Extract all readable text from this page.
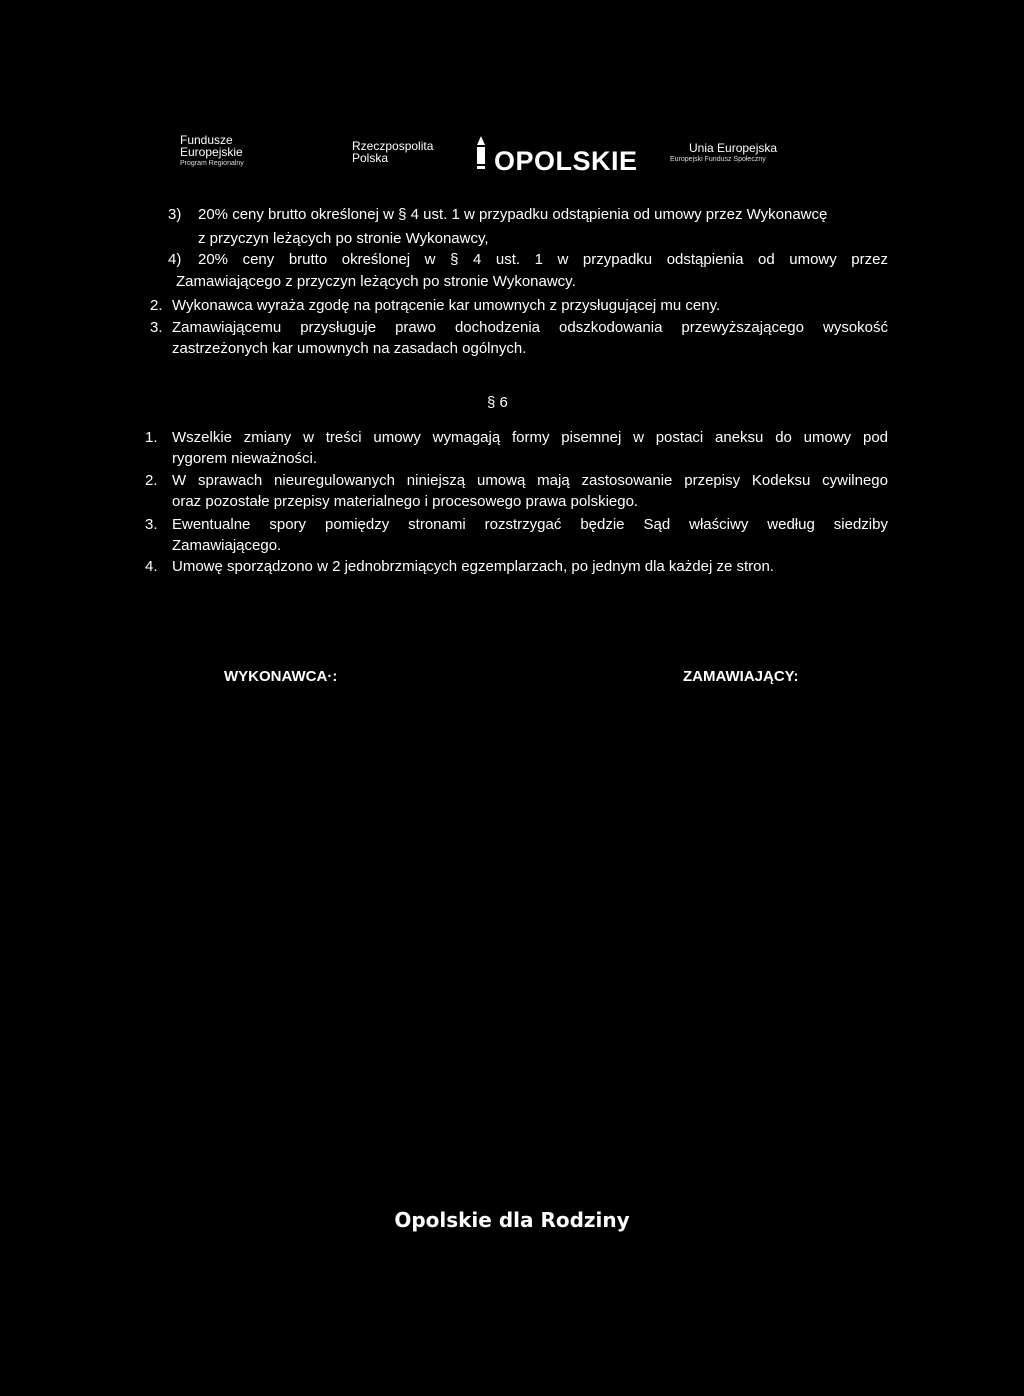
Fundusze
Europejskie
Program Regionalny
Rzeczpospolita
Polska	OPOLSKIE	Unia Europejska
Europejski Fundusz Społeczny
3) 20% ceny brutto określonej w § 4 ust. 1 w przypadku odstąpienia od umowy przez Wykonawcę
z przyczyn leżących po stronie Wykonawcy,
4) 20% ceny brutto określonej w § 4 ust. 1 w przypadku odstąpienia od umowy przez
Zamawiającego z przyczyn leżących po stronie Wykonawcy.
2. Wykonawca wyraża zgodę na potrącenie kar umownych z przysługującej mu ceny.
3. Zamawiającemu przysługuje prawo dochodzenia odszkodowania przewyższającego wysokość
zastrzeżonych kar umownych na zasadach ogólnych.
§ 6
1. Wszelkie zmiany w treści umowy wymagają formy pisemnej w postaci aneksu do umowy pod
rygorem nieważności.
2. W sprawach nieuregulowanych niniejszą umową mają zastosowanie przepisy Kodeksu cywilnego
oraz pozostałe przepisy materialnego i procesowego prawa polskiego.
3. Ewentualne spory pomiędzy stronami rozstrzygać będzie Sąd właściwy według siedziby
Zamawiającego.
4. Umowę sporządzono w 2 jednobrzmiących egzemplarzach, po jednym dla każdej ze stron.
WYKONAWCA·:	ZAMAWIAJĄCY:
Opolskie dla Rodziny
